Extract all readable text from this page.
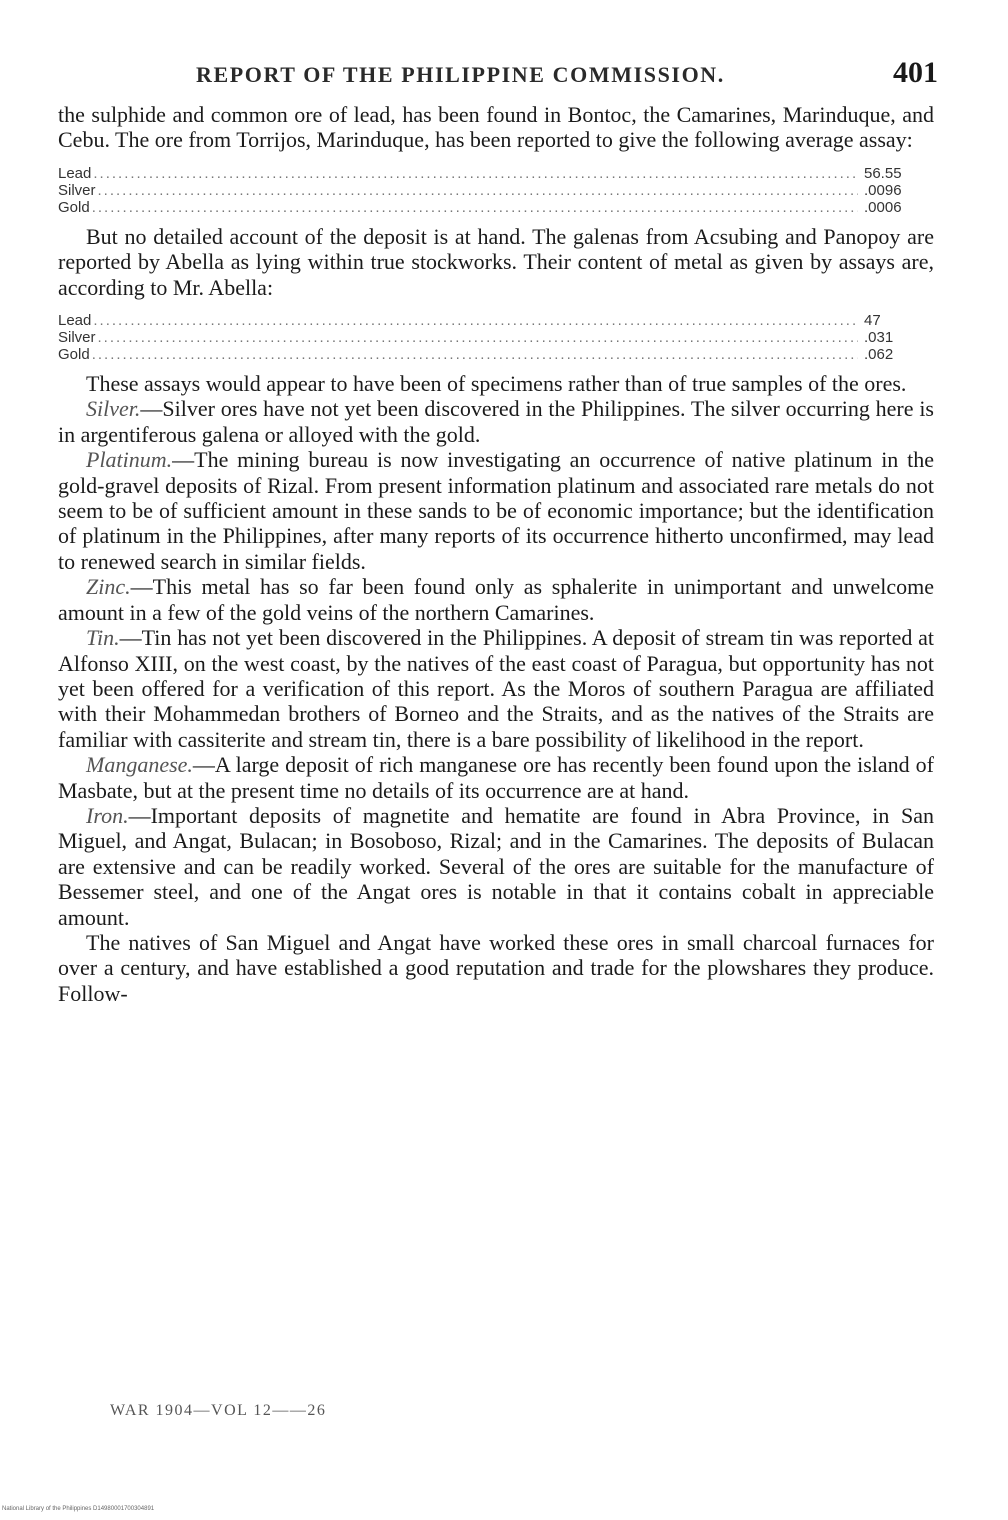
REPORT OF THE PHILIPPINE COMMISSION.	401

the sulphide and common ore of lead, has been found in Bontoc, the Camarines, Marinduque, and Cebu. The ore from Torrijos, Marinduque, has been reported to give the following average assay:

Lead .....	56.55
Silver .....	.0096
Gold .....	.0006

But no detailed account of the deposit is at hand. The galenas from Acsubing and Panopoy are reported by Abella as lying within true stockworks. Their content of metal as given by assays are, according to Mr. Abella:

Lead .....	47
Silver .....	.031
Gold .....	.062

These assays would appear to have been of specimens rather than of true samples of the ores.

Silver.—Silver ores have not yet been discovered in the Philippines. The silver occurring here is in argentiferous galena or alloyed with the gold.

Platinum.—The mining bureau is now investigating an occurrence of native platinum in the gold-gravel deposits of Rizal. From present information platinum and associated rare metals do not seem to be of sufficient amount in these sands to be of economic importance; but the identification of platinum in the Philippines, after many reports of its occurrence hitherto unconfirmed, may lead to renewed search in similar fields.

Zinc.—This metal has so far been found only as sphalerite in unimportant and unwelcome amount in a few of the gold veins of the northern Camarines.

Tin.—Tin has not yet been discovered in the Philippines. A deposit of stream tin was reported at Alfonso XIII, on the west coast, by the natives of the east coast of Paragua, but opportunity has not yet been offered for a verification of this report. As the Moros of southern Paragua are affiliated with their Mohammedan brothers of Borneo and the Straits, and as the natives of the Straits are familiar with cassiterite and stream tin, there is a bare possibility of likelihood in the report.

Manganese.—A large deposit of rich manganese ore has recently been found upon the island of Masbate, but at the present time no details of its occurrence are at hand.

Iron.—Important deposits of magnetite and hematite are found in Abra Province, in San Miguel, and Angat, Bulacan; in Bosoboso, Rizal; and in the Camarines. The deposits of Bulacan are extensive and can be readily worked. Several of the ores are suitable for the manufacture of Bessemer steel, and one of the Angat ores is notable in that it contains cobalt in appreciable amount.

The natives of San Miguel and Angat have worked these ores in small charcoal furnaces for over a century, and have established a good reputation and trade for the plowshares they produce. Follow-

WAR 1904—VOL 12——26
National Library of the Philippines D14980001700304891
